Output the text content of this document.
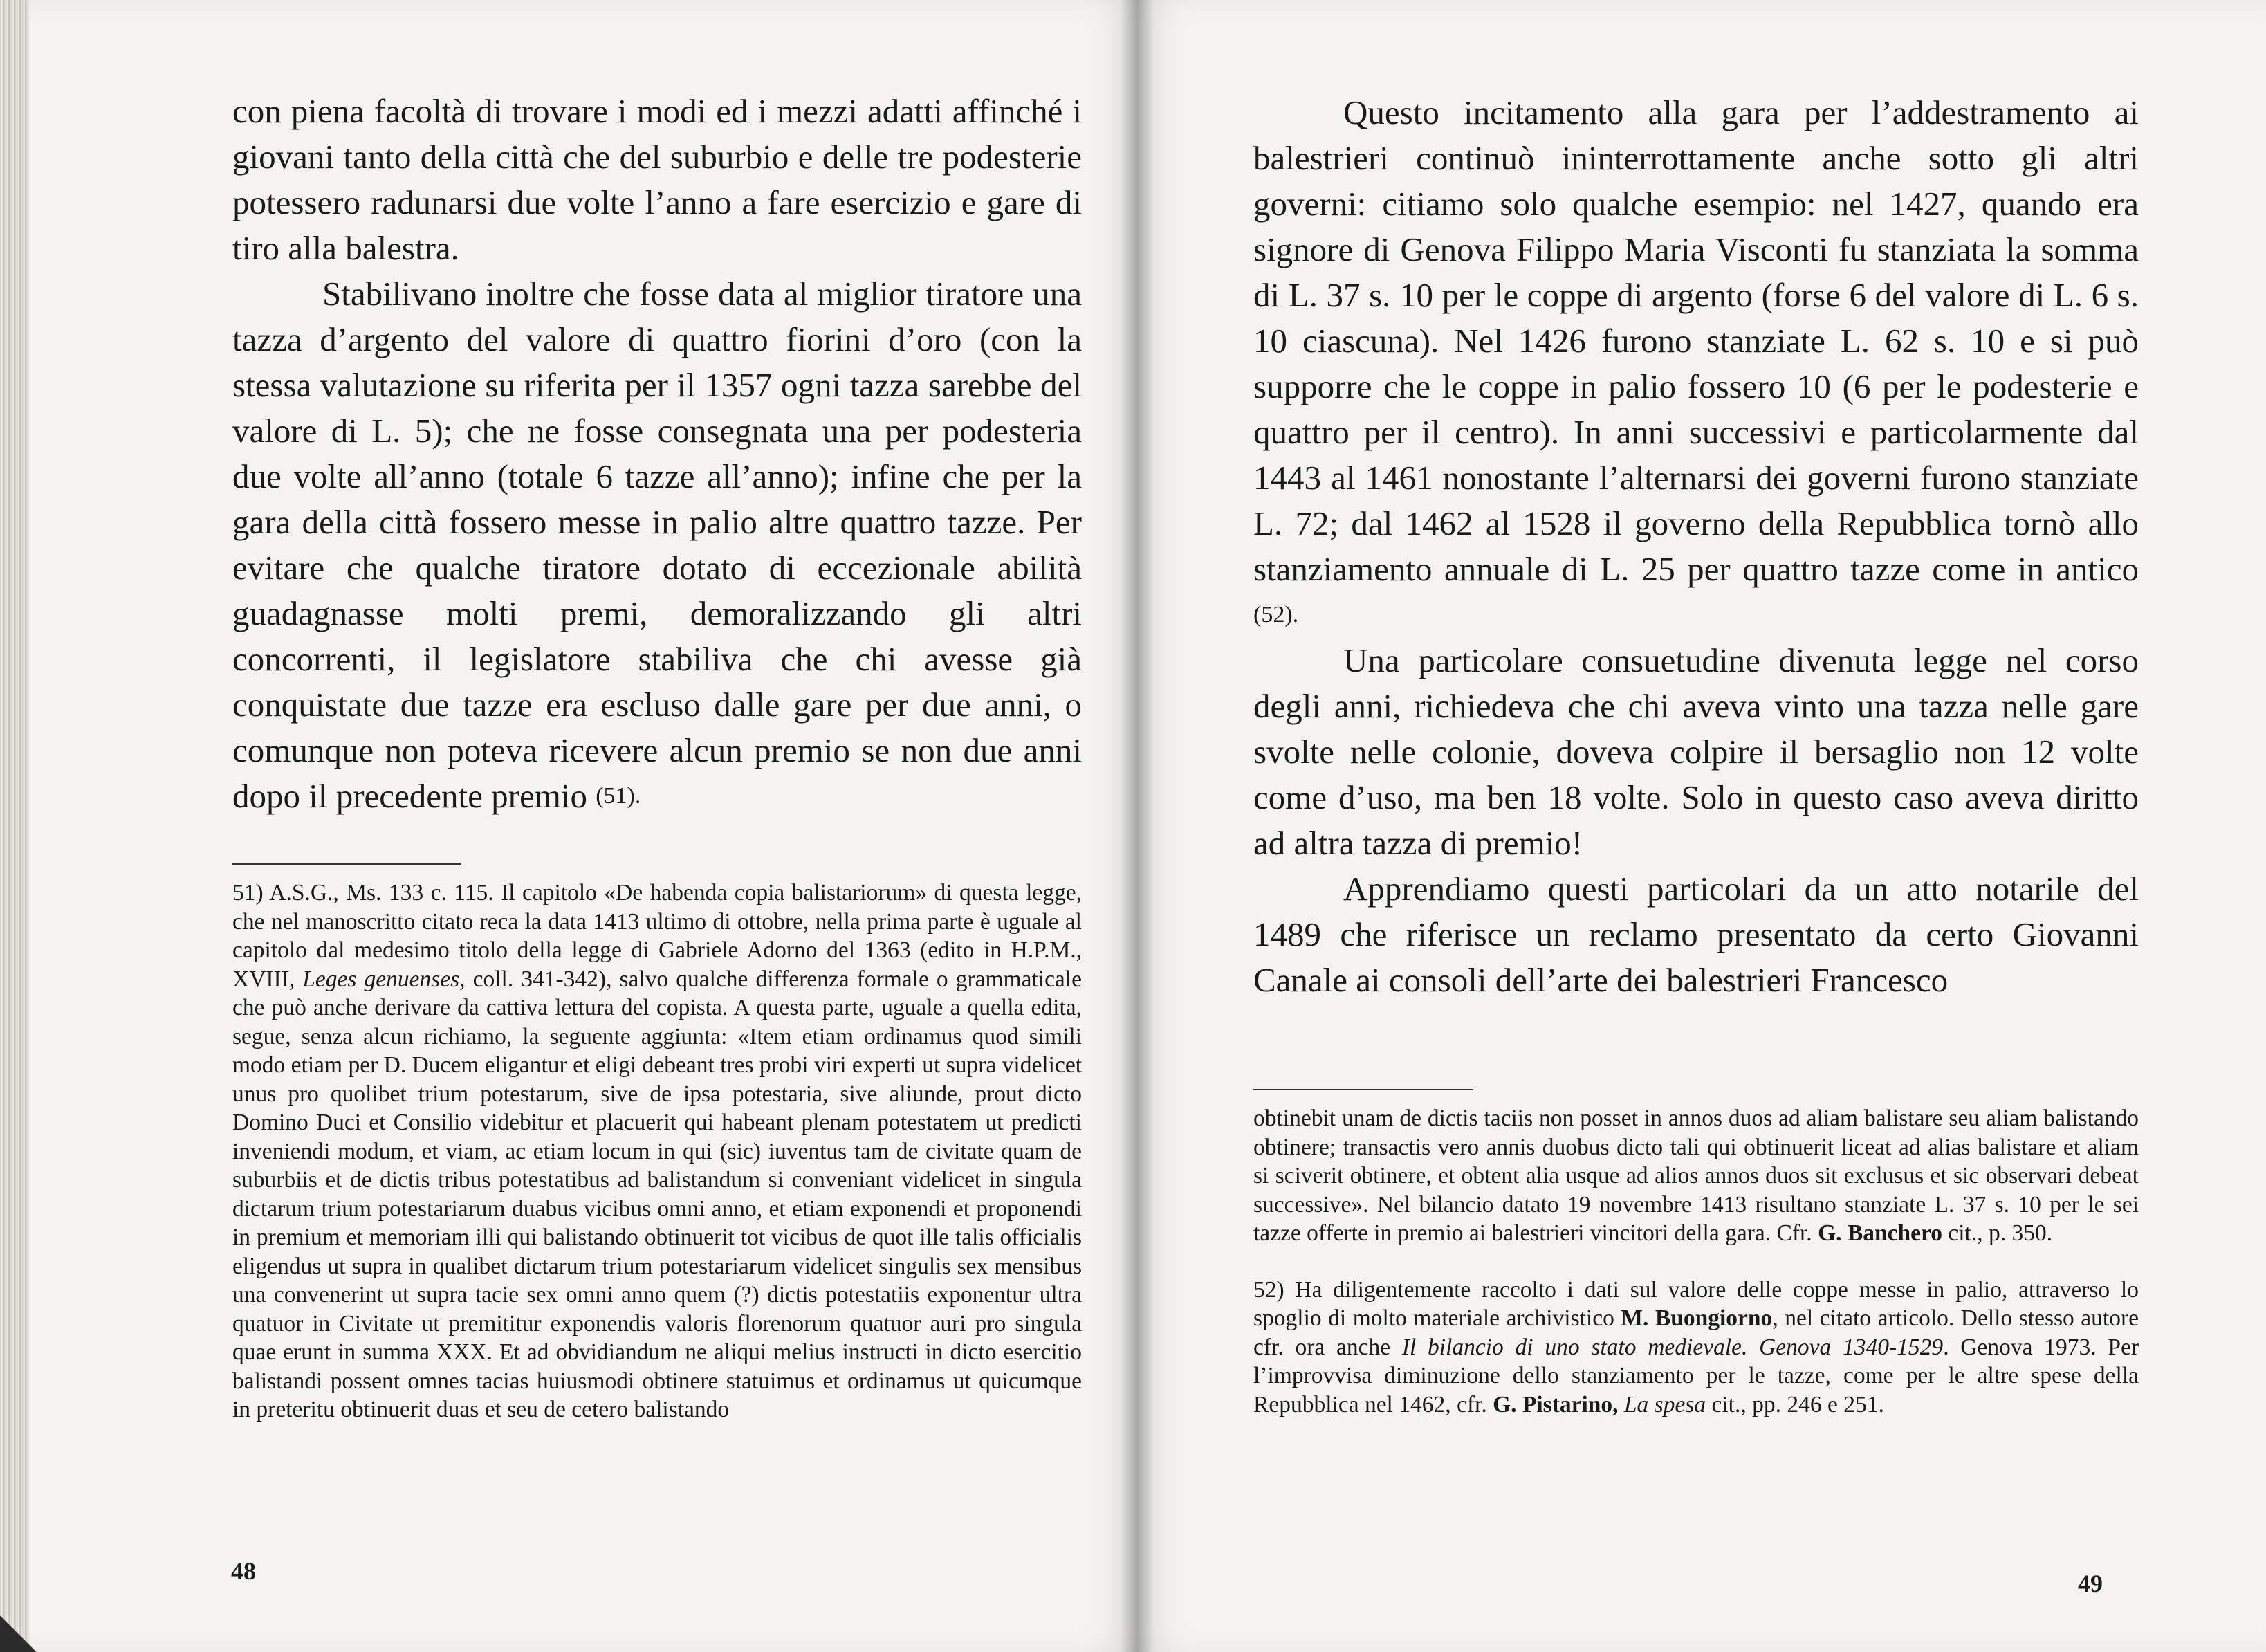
con piena facoltà di trovare i modi ed i mezzi adatti affinché i giovani tanto della città che del suburbio e delle tre podesterie potessero radunarsi due volte l’anno a fare esercizio e gare di tiro alla balestra.

Stabilivano inoltre che fosse data al miglior tiratore una tazza d’argento del valore di quattro fiorini d’oro (con la stessa valutazione su riferita per il 1357 ogni tazza sarebbe del valore di L. 5); che ne fosse consegnata una per podesteria due volte all’anno (totale 6 tazze all’anno); infine che per la gara della città fossero messe in palio altre quattro tazze. Per evitare che qualche tiratore dotato di eccezionale abilità guadagnasse molti premi, demoralizzando gli altri concorrenti, il legislatore stabiliva che chi avesse già conquistate due tazze era escluso dalle gare per due anni, o comunque non poteva ricevere alcun premio se non due anni dopo il precedente premio $^{(51).}$

51) A.S.G., Ms. 133 c. 115. Il capitolo «De habenda copia balistariorum» di questa legge, che nel manoscritto citato reca la data 1413 ultimo di ottobre, nella prima parte è uguale al capitolo dal medesimo titolo della legge di Gabriele Adorno del 1363 (edito in H.P.M., XVIII, Leges genuenses, coll. 341-342), salvo qualche differenza formale o grammaticale che può anche derivare da cattiva lettura del copista. A questa parte, uguale a quella edita, segue, senza alcun richiamo, la seguente aggiunta: «Item etiam ordinamus quod simili modo etiam per D. Ducem eligantur et eligi debeant tres probi viri experti ut supra videlicet unus pro quolibet trium potestarum, sive de ipsa potestaria, sive aliunde, prout dicto Domino Duci et Consilio videbitur et placuerit qui habeant plenam potestatem ut predicti inveniendi modum, et viam, ac etiam locum in qui (sic) iuventus tam de civitate quam de suburbiis et de dictis tribus potestatibus ad balistandum si conveniant videlicet in singula dictarum trium potestariarum duabus vicibus omni anno, et etiam exponendi et proponendi in premium et memoriam illi qui balistando obtinuerit tot vicibus de quot ille talis officialis eligendus ut supra in qualibet dictarum trium potestariarum videlicet singulis sex mensibus una convenerint ut supra tacie sex omni anno quem (?) dictis potestatiis exponentur ultra quatuor in Civitate ut premititur exponendis valoris florenorum quatuor auri pro singula quae erunt in summa XXX. Et ad obvidiandum ne aliqui melius instructi in dicto esercitio balistandi possent omnes tacias huiusmodi obtinere statuimus et ordinamus ut quicumque in preteritu obtinuerit duas et seu de cetero balistando

48

Questo incitamento alla gara per l’addestramento ai balestrieri continuò ininterrottamente anche sotto gli altri governi: citiamo solo qualche esempio: nel 1427, quando era signore di Genova Filippo Maria Visconti fu stanziata la somma di L. 37 s. 10 per le coppe di argento (forse 6 del valore di L. 6 s. 10 ciascuna). Nel 1426 furono stanziate L. 62 s. 10 e si può supporre che le coppe in palio fossero 10 (6 per le podesterie e quattro per il centro). In anni successivi e particolarmente dal 1443 al 1461 nonostante l’alternarsi dei governi furono stanziate L. 72; dal 1462 al 1528 il governo della Repubblica tornò allo stanziamento annuale di L. 25 per quattro tazze come in antico $^{(52).}$

Una particolare consuetudine divenuta legge nel corso degli anni, richiedeva che chi aveva vinto una tazza nelle gare svolte nelle colonie, doveva colpire il bersaglio non 12 volte come d’uso, ma ben 18 volte. Solo in questo caso aveva diritto ad altra tazza di premio!

Apprendiamo questi particolari da un atto notarile del 1489 che riferisce un reclamo presentato da certo Giovanni Canale ai consoli dell’arte dei balestrieri Francesco

obtinebit unam de dictis taciis non posset in annos duos ad aliam balistare seu aliam balistando obtinere; transactis vero annis duobus dicto tali qui obtinuerit liceat ad alias balistare et aliam si sciverit obtinere, et obtent alia usque ad alios annos duos sit exclusus et sic observari debeat successive». Nel bilancio datato 19 novembre 1413 risultano stanziate L. 37 s. 10 per le sei tazze offerte in premio ai balestrieri vincitori della gara. Cfr. G. Banchero cit., p. 350.

52) Ha diligentemente raccolto i dati sul valore delle coppe messe in palio, attraverso lo spoglio di molto materiale archivistico M. Buongiorno, nel citato articolo. Dello stesso autore cfr. ora anche Il bilancio di uno stato medievale. Genova 1340-1529. Genova 1973. Per l’improvvisa diminuzione dello stanziamento per le tazze, come per le altre spese della Repubblica nel 1462, cfr. G. Pistarino, La spesa cit., pp. 246 e 251.

49
